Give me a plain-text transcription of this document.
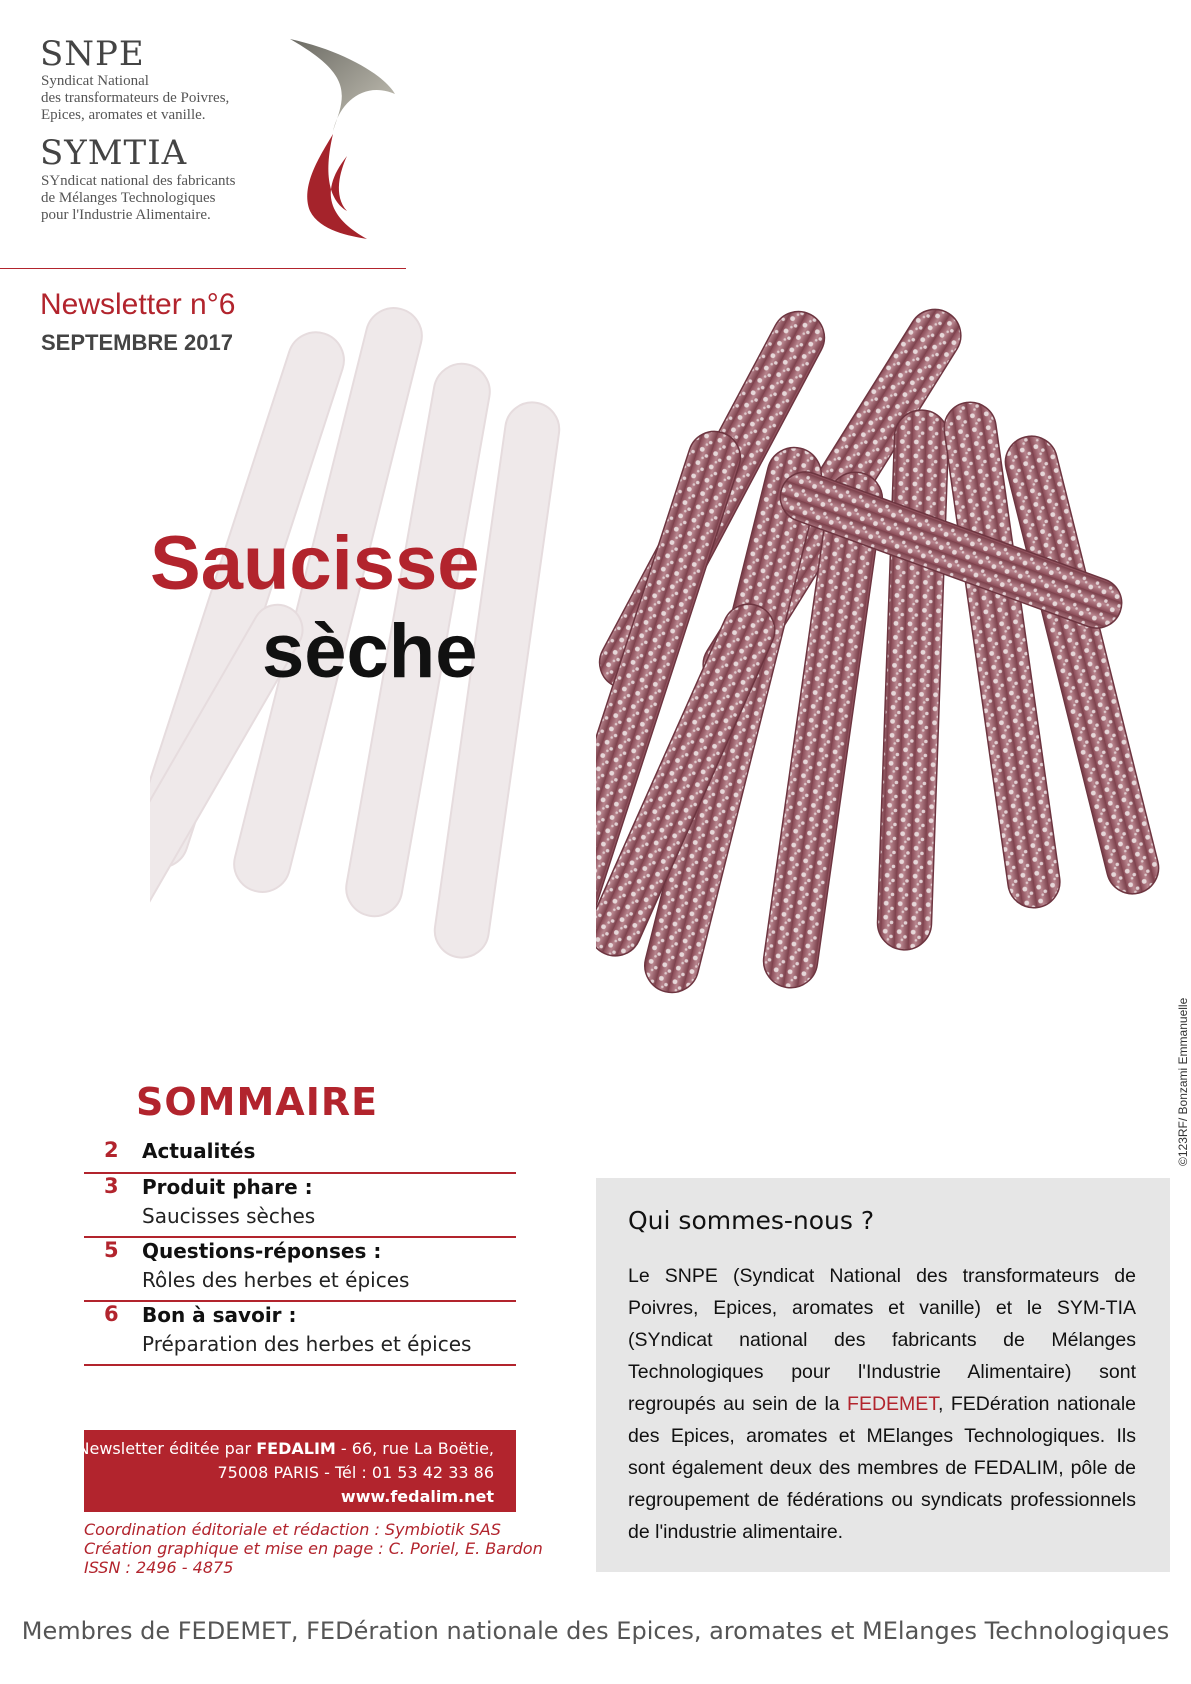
SNPE
Syndicat National
des transformateurs de Poivres,
Epices, aromates et vanille.
SYMTIA
SYndicat national des fabricants
de Mélanges Technologiques
pour l'Industrie Alimentaire.
Newsletter n°6
SEPTEMBRE 2017
©123RF/ Bonzami Emmanuelle
Saucisse
sèche
SOMMAIRE
2 Actualités
3 Produit phare :
Saucisses sèches
5 Questions-réponses :
Rôles des herbes et épices
6 Bon à savoir :
Préparation des herbes et épices
Newsletter éditée par FEDALIM - 66, rue La Boëtie,
75008 PARIS - Tél : 01 53 42 33 86
www.fedalim.net
Coordination éditoriale et rédaction : Symbiotik SAS
Création graphique et mise en page : C. Poriel, E. Bardon
ISSN : 2496 - 4875
Qui sommes-nous ?
Le SNPE (Syndicat National des transformateurs de Poivres, Epices, aromates et vanille) et le SYM-TIA (SYndicat national des fabricants de Mélanges Technologiques pour l'Industrie Alimentaire) sont regroupés au sein de la FEDEMET, FEDération nationale des Epices, aromates et MElanges Technologiques. Ils sont également deux des membres de FEDALIM, pôle de regroupement de fédérations ou syndicats professionnels de l'industrie alimentaire.
Membres de FEDEMET, FEDération nationale des Epices, aromates et MElanges Technologiques
